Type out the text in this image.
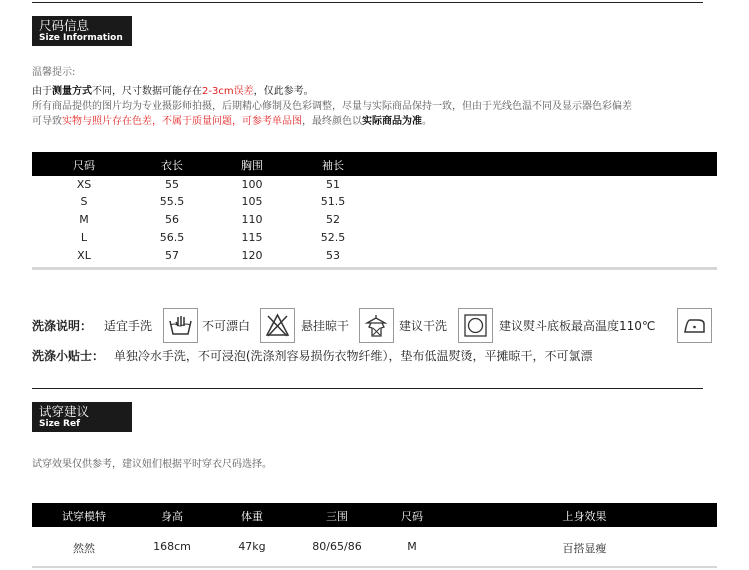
尺码信息
Size Information
温馨提示:
由于测量方式不同，尺寸数据可能存在2-3cm误差，仅此参考。
所有商品提供的图片均为专业摄影师拍摄，后期精心修制及色彩调整，尽量与实际商品保持一致，但由于光线色温不同及显示器色彩偏差
可导致实物与照片存在色差，不属于质量问题，可参考单品图，最终颜色以实际商品为准。
尺码	衣长	胸围	袖长
XS	55	100	51
S	55.5	105	51.5
M	56	110	52
L	56.5	115	52.5
XL	57	120	53
洗涤说明： 适宜手洗	不可漂白	悬挂晾干	建议干洗	建议熨斗底板最高温度110℃
洗涤小贴士： 单独冷水手洗，不可浸泡(洗涤剂容易损伤衣物纤维），垫布低温熨烫，平摊晾干，不可氯漂
试穿建议
Size Ref
试穿效果仅供参考，建议妞们根据平时穿衣尺码选择。
试穿模特	身高	体重	三围	尺码	上身效果
然然	168cm	47kg	80/65/86	M	百搭显瘦
